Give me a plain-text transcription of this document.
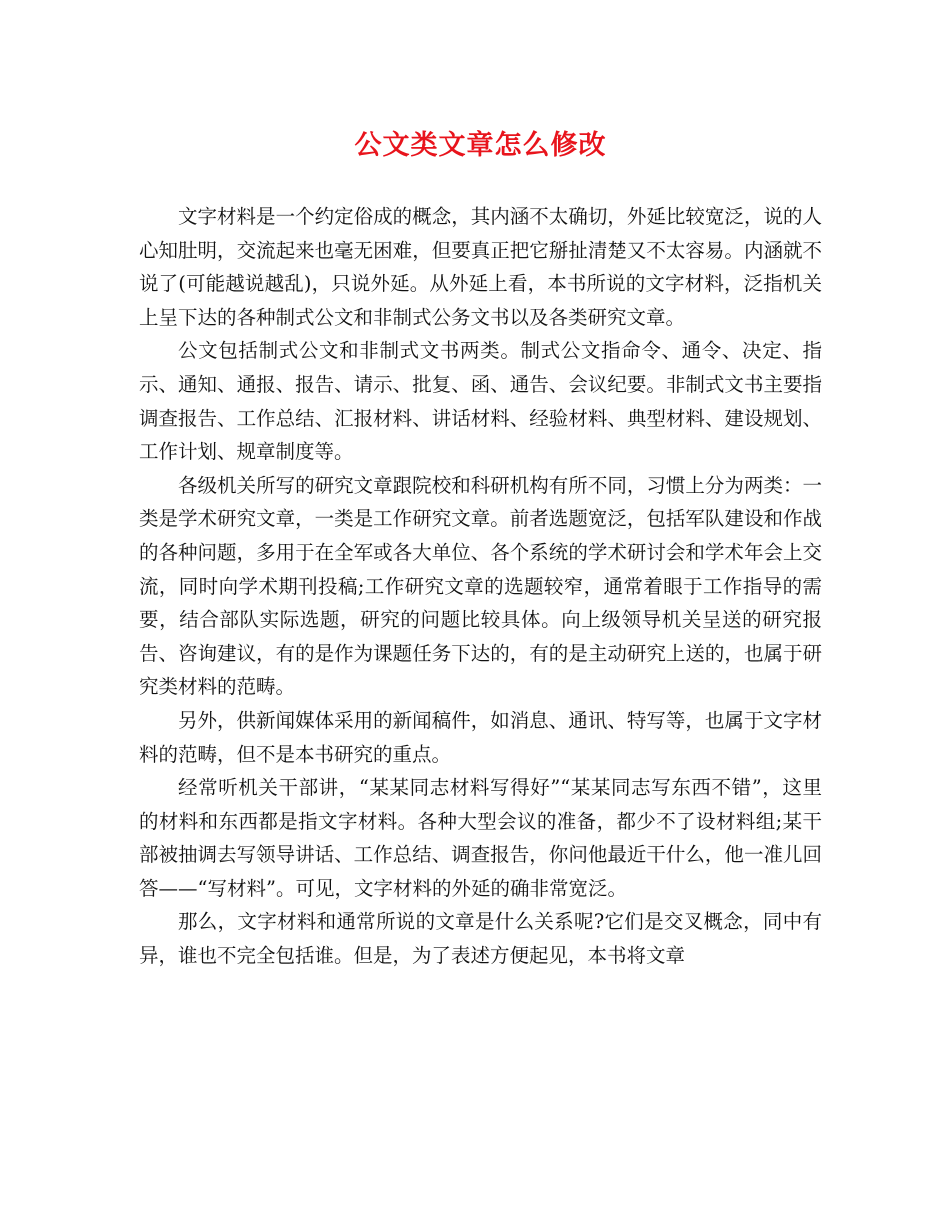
公文类文章怎么修改

文字材料是一个约定俗成的概念，其内涵不太确切，外延比较宽泛，说的人心知肚明，交流起来也毫无困难，但要真正把它掰扯清楚又不太容易。内涵就不说了(可能越说越乱)，只说外延。从外延上看，本书所说的文字材料，泛指机关上呈下达的各种制式公文和非制式公务文书以及各类研究文章。

公文包括制式公文和非制式文书两类。制式公文指命令、通令、决定、指示、通知、通报、报告、请示、批复、函、通告、会议纪要。非制式文书主要指调查报告、工作总结、汇报材料、讲话材料、经验材料、典型材料、建设规划、工作计划、规章制度等。

各级机关所写的研究文章跟院校和科研机构有所不同，习惯上分为两类：一类是学术研究文章，一类是工作研究文章。前者选题宽泛，包括军队建设和作战的各种问题，多用于在全军或各大单位、各个系统的学术研讨会和学术年会上交流，同时向学术期刊投稿;工作研究文章的选题较窄，通常着眼于工作指导的需要，结合部队实际选题，研究的问题比较具体。向上级领导机关呈送的研究报告、咨询建议，有的是作为课题任务下达的，有的是主动研究上送的，也属于研究类材料的范畴。

另外，供新闻媒体采用的新闻稿件，如消息、通讯、特写等，也属于文字材料的范畴，但不是本书研究的重点。

经常听机关干部讲，“某某同志材料写得好”“某某同志写东西不错”，这里的材料和东西都是指文字材料。各种大型会议的准备，都少不了设材料组;某干部被抽调去写领导讲话、工作总结、调查报告，你问他最近干什么，他一准儿回答——“写材料”。可见，文字材料的外延的确非常宽泛。

那么，文字材料和通常所说的文章是什么关系呢?它们是交叉概念，同中有异，谁也不完全包括谁。但是，为了表述方便起见，本书将文章
